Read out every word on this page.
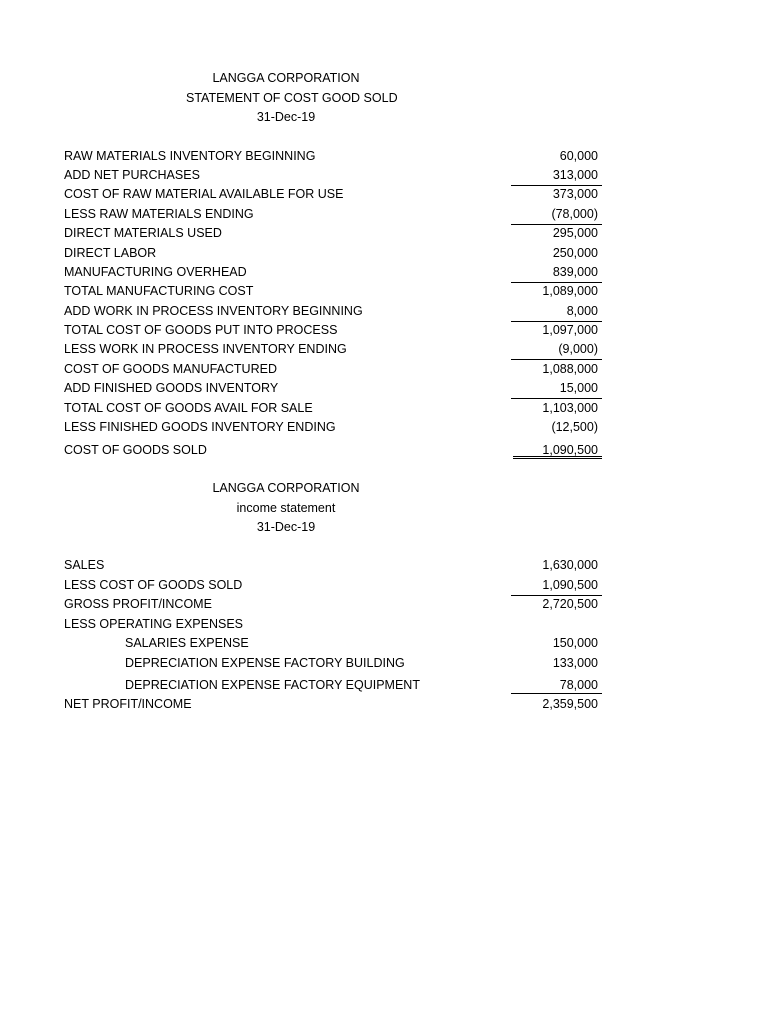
LANGGA CORPORATION
STATEMENT OF COST GOOD SOLD
31-Dec-19
RAW MATERIALS INVENTORY BEGINNING	60,000
ADD NET PURCHASES	313,000
COST OF RAW MATERIAL AVAILABLE FOR USE	373,000
LESS RAW MATERIALS ENDING	(78,000)
DIRECT MATERIALS USED	295,000
DIRECT LABOR	250,000
MANUFACTURING OVERHEAD	839,000
TOTAL MANUFACTURING COST	1,089,000
ADD WORK IN PROCESS INVENTORY BEGINNING	8,000
TOTAL COST OF GOODS PUT INTO PROCESS	1,097,000
LESS WORK IN PROCESS INVENTORY ENDING	(9,000)
COST OF GOODS MANUFACTURED	1,088,000
ADD FINISHED GOODS INVENTORY	15,000
TOTAL COST OF GOODS AVAIL FOR SALE	1,103,000
LESS FINISHED GOODS INVENTORY ENDING	(12,500)
COST OF GOODS SOLD	1,090,500
LANGGA CORPORATION
income statement
31-Dec-19
SALES	1,630,000
LESS COST OF GOODS SOLD	1,090,500
GROSS PROFIT/INCOME	2,720,500
LESS OPERATING EXPENSES
SALARIES EXPENSE	150,000
DEPRECIATION EXPENSE FACTORY BUILDING	133,000
DEPRECIATION EXPENSE FACTORY EQUIPMENT	78,000
NET PROFIT/INCOME	2,359,500
